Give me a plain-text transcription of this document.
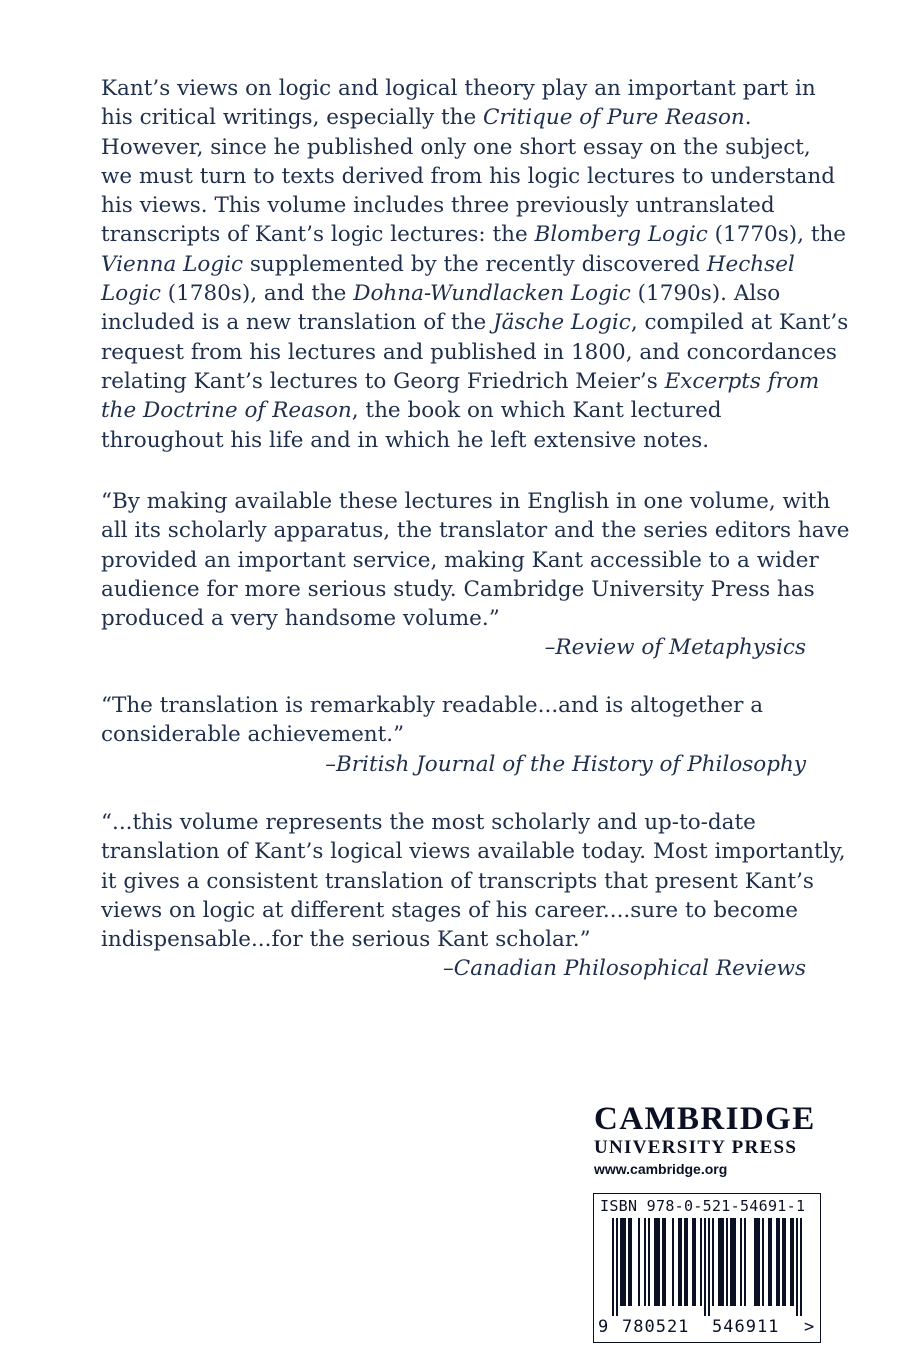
Kant’s views on logic and logical theory play an important part in
his critical writings, especially the Critique of Pure Reason.
However, since he published only one short essay on the subject,
we must turn to texts derived from his logic lectures to understand
his views. This volume includes three previously untranslated
transcripts of Kant’s logic lectures: the Blomberg Logic (1770s), the
Vienna Logic supplemented by the recently discovered Hechsel
Logic (1780s), and the Dohna-Wundlacken Logic (1790s). Also
included is a new translation of the Jäsche Logic, compiled at Kant’s
request from his lectures and published in 1800, and concordances
relating Kant’s lectures to Georg Friedrich Meier’s Excerpts from
the Doctrine of Reason, the book on which Kant lectured
throughout his life and in which he left extensive notes.
“By making available these lectures in English in one volume, with
all its scholarly apparatus, the translator and the series editors have
provided an important service, making Kant accessible to a wider
audience for more serious study. Cambridge University Press has
produced a very handsome volume.”
–Review of Metaphysics
“The translation is remarkably readable...and is altogether a
considerable achievement.”
–British Journal of the History of Philosophy
“...this volume represents the most scholarly and up-to-date
translation of Kant’s logical views available today. Most importantly,
it gives a consistent translation of transcripts that present Kant’s
views on logic at different stages of his career....sure to become
indispensable...for the serious Kant scholar.”
–Canadian Philosophical Reviews
CAMBRIDGE
UNIVERSITY PRESS
www.cambridge.org
ISBN 978-0-521-54691-1
9 780521 546911 >
